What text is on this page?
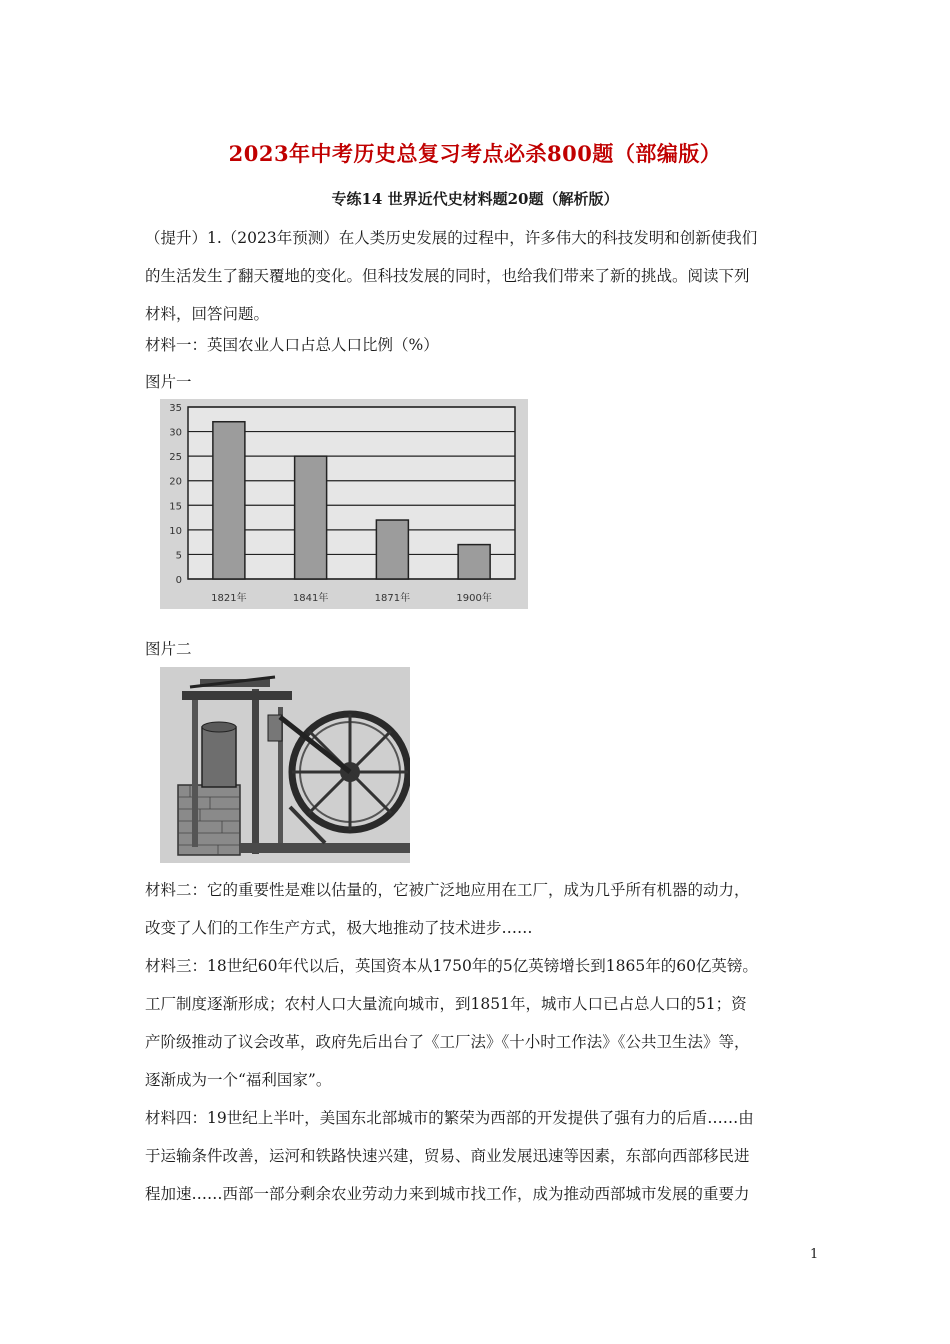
2023年中考历史总复习考点必杀800题（部编版）
专练14 世界近代史材料题20题（解析版）

（提升）1.（2023年预测）在人类历史发展的过程中，许多伟大的科技发明和创新使我们

的生活发生了翻天覆地的变化。但科技发展的同时，也给我们带来了新的挑战。阅读下列

材料，回答问题。

材料一：英国农业人口占总人口比例（%）
图片一
0
5
10
15
20
25
30
35
1821年	1841年	1871年	1900年
图片二

材料二：它的重要性是难以估量的，它被广泛地应用在工厂，成为几乎所有机器的动力，

改变了人们的工作生产方式，极大地推动了技术进步……

材料三：18世纪60年代以后，英国资本从1750年的5亿英镑增长到1865年的60亿英镑。

工厂制度逐渐形成；农村人口大量流向城市，到1851年，城市人口已占总人口的51；资

产阶级推动了议会改革，政府先后出台了《工厂法》《十小时工作法》《公共卫生法》等，

逐渐成为一个“福利国家”。

材料四：19世纪上半叶，美国东北部城市的繁荣为西部的开发提供了强有力的后盾……由

于运输条件改善，运河和铁路快速兴建，贸易、商业发展迅速等因素，东部向西部移民进

程加速……西部一部分剩余农业劳动力来到城市找工作，成为推动西部城市发展的重要力

1
